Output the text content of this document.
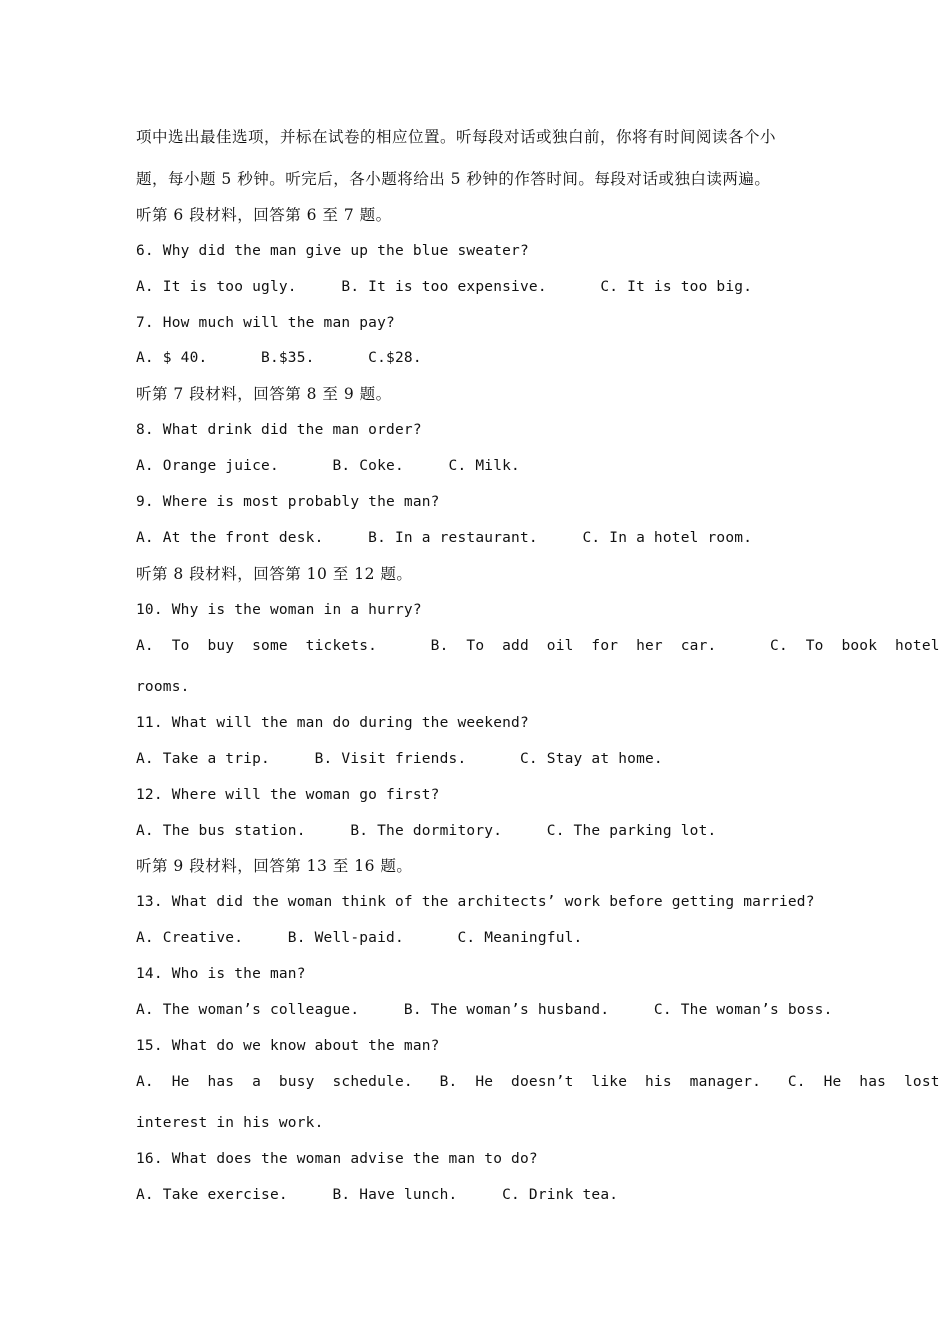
项中选出最佳选项，并标在试卷的相应位置。听每段对话或独白前，你将有时间阅读各个小
题，每小题 5 秒钟。听完后，各小题将给出 5 秒钟的作答时间。每段对话或独白读两遍。
听第 6 段材料，回答第 6 至 7 题。
6. Why did the man give up the blue sweater?
A. It is too ugly.     B. It is too expensive.      C. It is too big.
7. How much will the man pay?
A. $ 40.      B.$35.      C.$28.
听第 7 段材料，回答第 8 至 9 题。
8. What drink did the man order?
A. Orange juice.      B. Coke.     C. Milk.
9. Where is most probably the man?
A. At the front desk.     B. In a restaurant.     C. In a hotel room.
听第 8 段材料，回答第 10 至 12 题。
10. Why is the woman in a hurry?
A.  To  buy  some  tickets.      B.  To  add  oil  for  her  car.      C.  To  book  hotel
rooms.
11. What will the man do during the weekend?
A. Take a trip.     B. Visit friends.      C. Stay at home.
12. Where will the woman go first?
A. The bus station.     B. The dormitory.     C. The parking lot.
听第 9 段材料，回答第 13 至 16 题。
13. What did the woman think of the architects’ work before getting married?
A. Creative.     B. Well-paid.      C. Meaningful.
14. Who is the man?
A. The woman’s colleague.     B. The woman’s husband.     C. The woman’s boss.
15. What do we know about the man?
A.  He  has  a  busy  schedule.   B.  He  doesn’t  like  his  manager.   C.  He  has  lost
interest in his work.
16. What does the woman advise the man to do?
A. Take exercise.     B. Have lunch.     C. Drink tea.
